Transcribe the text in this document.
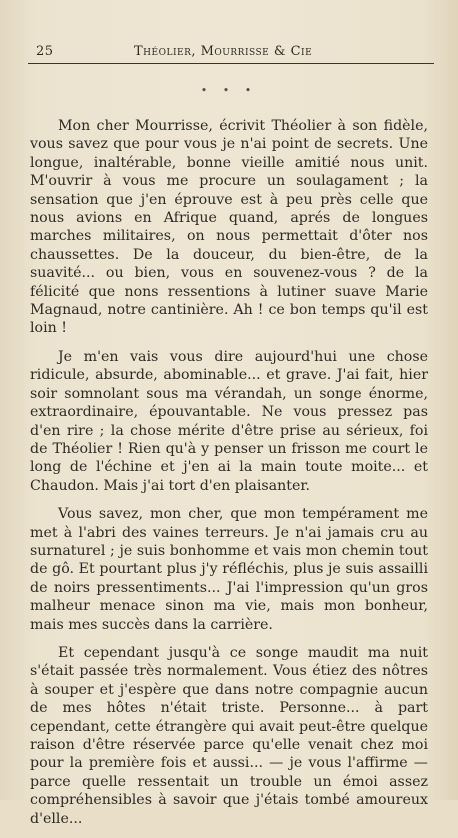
25	Théolier, Mourrisse & Cie
• • •

Mon cher Mourrisse, écrivit Théolier à son fidèle, vous savez que pour vous je n'ai point de secrets. Une longue, inaltérable, bonne vieille amitié nous unit. M'ouvrir à vous me procure un soulagament ; la sensation que j'en éprouve est à peu près celle que nous avions en Afrique quand, aprés de longues marches militaires, on nous permettait d'ôter nos chaussettes. De la douceur, du bien-être, de la suavité... ou bien, vous en souvenez-vous ? de la félicité que nons ressentions à lutiner suave Marie Magnaud, notre cantinière. Ah ! ce bon temps qu'il est loin !

Je m'en vais vous dire aujourd'hui une chose ridicule, absurde, abominable... et grave. J'ai fait, hier soir somnolant sous ma vérandah, un songe énorme, extraordinaire, épouvantable. Ne vous pressez pas d'en rire ; la chose mérite d'être prise au sérieux, foi de Théolier ! Rien qu'à y penser un frisson me court le long de l'échine et j'en ai la main toute moite... et Chaudon. Mais j'ai tort d'en plaisanter.

Vous savez, mon cher, que mon tempérament me met à l'abri des vaines terreurs. Je n'ai jamais cru au surnaturel ; je suis bonhomme et vais mon chemin tout de gô. Et pourtant plus j'y réfléchis, plus je suis assailli de noirs pressentiments... J'ai l'impression qu'un gros malheur menace sinon ma vie, mais mon bonheur, mais mes succès dans la carrière.

Et cependant jusqu'à ce songe maudit ma nuit s'était passée très normalement. Vous étiez des nôtres à souper et j'espère que dans notre compagnie aucun de mes hôtes n'était triste. Personne... à part cependant, cette étrangère qui avait peut-être quelque raison d'être réservée parce qu'elle venait chez moi pour la première fois et aussi... — je vous l'affirme — parce quelle ressentait un trouble un émoi assez compréhensibles à savoir que j'étais tombé amoureux d'elle...
